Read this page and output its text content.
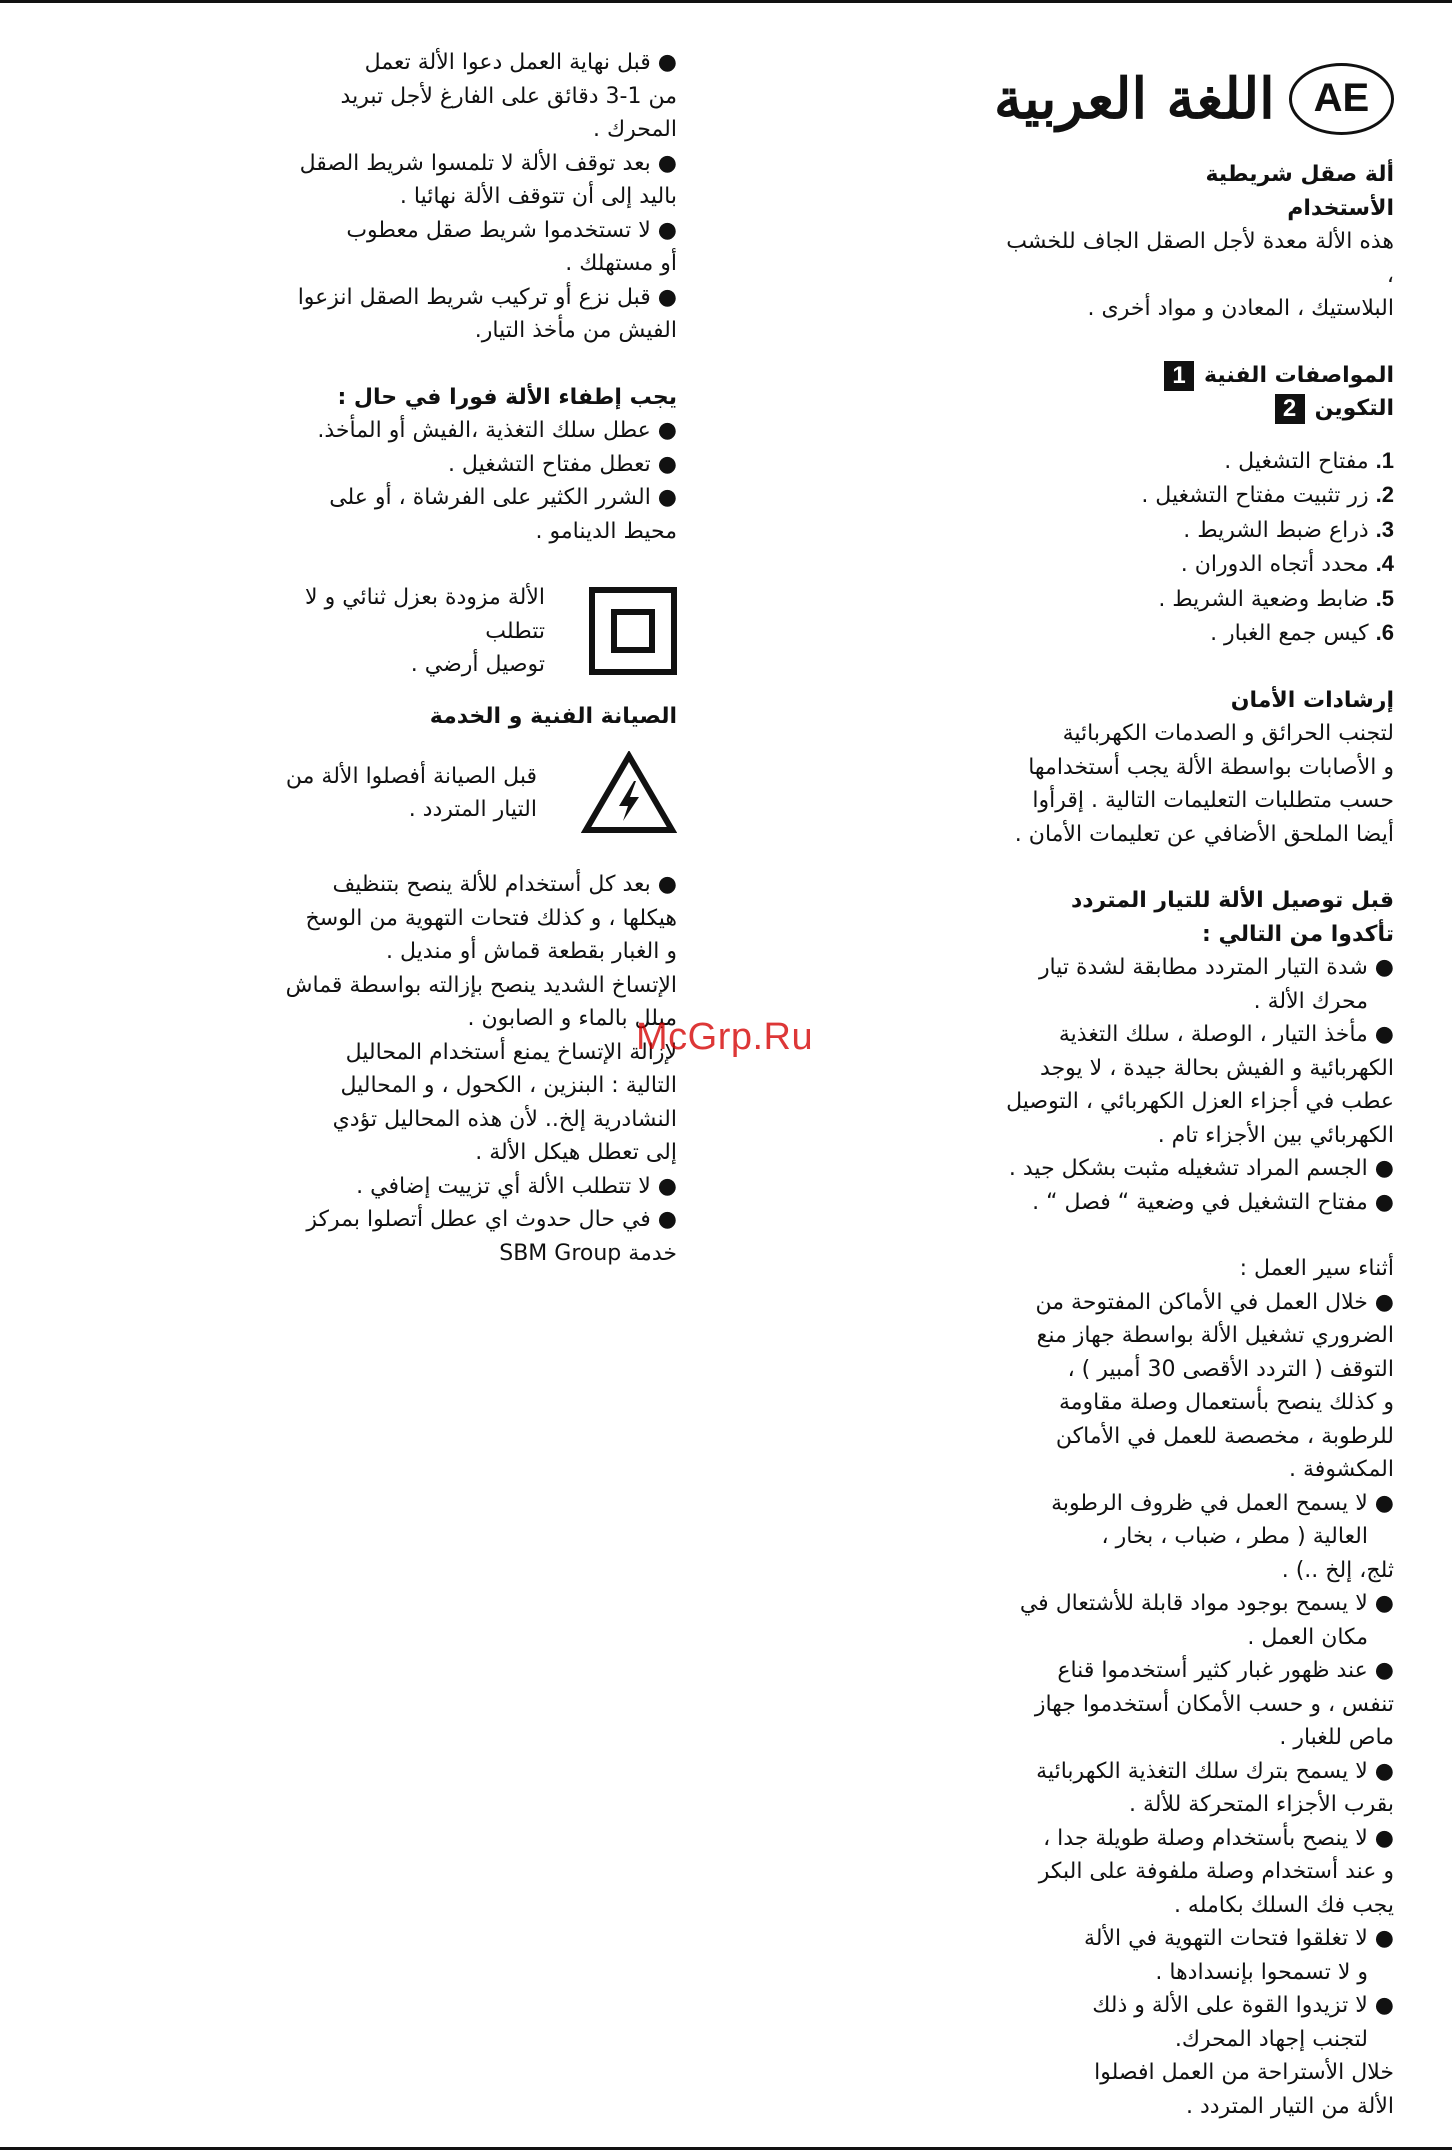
AE
اللغة العربية

ألة صقل شريطية

الأستخدام

هذه الألة معدة لأجل الصقل الجاف للخشب ،

البلاستيك ، المعادن و مواد أخرى .

المواصفات الفنية1

التكوين2

1. مفتاح التشغيل .

2. زر تثبيت مفتاح التشغيل .

3. ذراع ضبط الشريط .

4. محدد أتجاه الدوران .

5. ضابط وضعية الشريط .

6. كيس جمع الغبار .

إرشادات الأمان

لتجنب الحرائق و الصدمات الكهربائية

و الأصابات بواسطة الألة يجب أستخدامها

حسب متطلبات التعليمات التالية . إقرأوا

أيضا الملحق الأضافي عن تعليمات الأمان .

قبل توصيل الألة للتيار المتردد

تأكدوا من التالي :

● شدة التيار المتردد مطابقة لشدة تيار

محرك الألة .

● مأخذ التيار ، الوصلة ، سلك التغذية

الكهربائية و الفيش بحالة جيدة ، لا يوجد

عطب في أجزاء العزل الكهربائي ، التوصيل

الكهربائي بين الأجزاء تام .

● الجسم المراد تشغيله مثبت بشكل جيد .

● مفتاح التشغيل في وضعية “ فصل “ .

أثناء سير العمل :

● خلال العمل في الأماكن المفتوحة من

الضروري تشغيل الألة بواسطة جهاز منع

التوقف ( التردد الأقصى 30 أمبير ) ،

و كذلك ينصح بأستعمال وصلة مقاومة

للرطوبة ، مخصصة للعمل في الأماكن

المكشوفة .

● لا يسمح العمل في ظروف الرطوبة

العالية ( مطر ، ضباب ، بخار ،

ثلج، إلخ ..) .

● لا يسمح بوجود مواد قابلة للأشتعال في

مكان العمل .

● عند ظهور غبار كثير أستخدموا قناع

تنفس ، و حسب الأمكان أستخدموا جهاز

ماص للغبار .

● لا يسمح بترك سلك التغذية الكهربائية

بقرب الأجزاء المتحركة للألة .

● لا ينصح بأستخدام وصلة طويلة جدا ،

و عند أستخدام وصلة ملفوفة على البكر

يجب فك السلك بكامله .

● لا تغلقوا فتحات التهوية في الألة

و لا تسمحوا بإنسدادها .

● لا تزيدوا القوة على الألة و ذلك

لتجنب إجهاد المحرك.

خلال الأستراحة من العمل افصلوا

الألة من التيار المتردد .

● قبل نهاية العمل دعوا الألة تعمل

من 1-3 دقائق على الفارغ لأجل تبريد

المحرك .

● بعد توقف الألة لا تلمسوا شريط الصقل

باليد إلى أن تتوقف الألة نهائيا .

● لا تستخدموا شريط صقل معطوب

أو مستهلك .

● قبل نزع أو تركيب شريط الصقل انزعوا

الفيش من مأخذ التيار.

يجب إطفاء الألة فورا في حال :

● عطل سلك التغذية ،الفيش أو المأخذ.

● تعطل مفتاح التشغيل .

● الشرر الكثير على الفرشاة ، أو على

محيط الدينامو .

الألة مزودة بعزل ثنائي و لا تتطلب

توصيل أرضي .

الصيانة الفنية و الخدمة

قبل الصيانة أفصلوا الألة من

التيار المتردد .

● بعد كل أستخدام للألة ينصح بتنظيف

هيكلها ، و كذلك فتحات التهوية من الوسخ

و الغبار بقطعة قماش أو منديل .

الإتساخ الشديد ينصح بإزالته بواسطة قماش

مبلل بالماء و الصابون .

لإزالة الإتساخ يمنع أستخدام المحاليل

التالية : البنزين ، الكحول ، و المحاليل

النشادرية إلخ.. لأن هذه المحاليل تؤدي

إلى تعطل هيكل الألة .

● لا تتطلب الألة أي تزييت إضافي .

● في حال حدوث اي عطل أتصلوا بمركز

خدمة SBM Group

McGrp.Ru
